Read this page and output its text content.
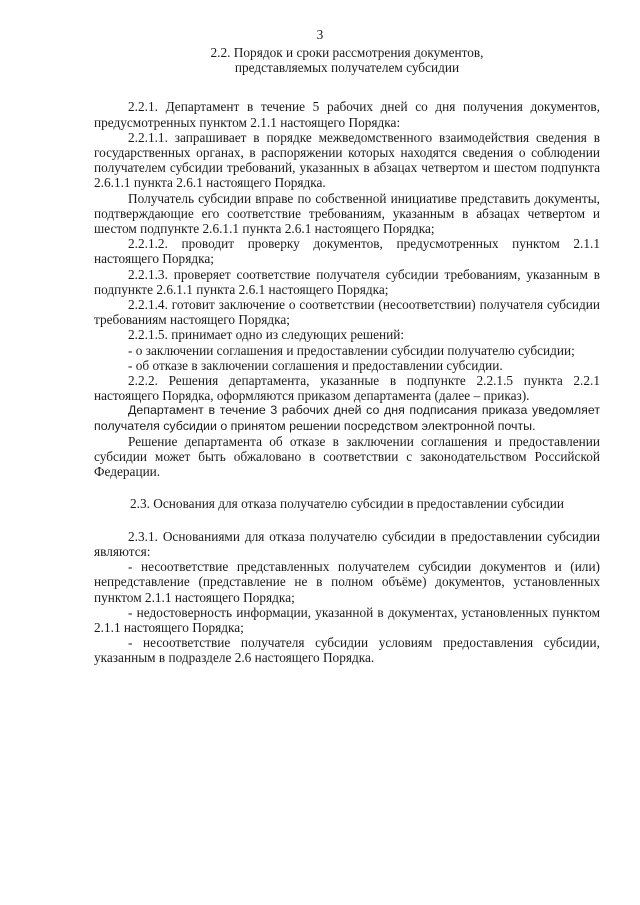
3
2.2. Порядок и сроки рассмотрения документов,
представляемых получателем субсидии

2.2.1. Департамент в течение 5 рабочих дней со дня получения документов, предусмотренных пунктом 2.1.1 настоящего Порядка:

2.2.1.1. запрашивает в порядке межведомственного взаимодействия сведения в государственных органах, в распоряжении которых находятся сведения о соблюдении получателем субсидии требований, указанных в абзацах четвертом и шестом подпункта 2.6.1.1 пункта 2.6.1 настоящего Порядка.

Получатель субсидии вправе по собственной инициативе представить документы, подтверждающие его соответствие требованиям, указанным в абзацах четвертом и шестом подпункте 2.6.1.1 пункта 2.6.1 настоящего Порядка;

2.2.1.2. проводит проверку документов, предусмотренных пунктом 2.1.1 настоящего Порядка;

2.2.1.3. проверяет соответствие получателя субсидии требованиям, указанным в подпункте 2.6.1.1 пункта 2.6.1 настоящего Порядка;

2.2.1.4. готовит заключение о соответствии (несоответствии) получателя субсидии требованиям настоящего Порядка;

2.2.1.5. принимает одно из следующих решений:

- о заключении соглашения и предоставлении субсидии получателю субсидии;

- об отказе в заключении соглашения и предоставлении субсидии.

2.2.2. Решения департамента, указанные в подпункте 2.2.1.5 пункта 2.2.1 настоящего Порядка, оформляются приказом департамента (далее – приказ).

Департамент в течение 3 рабочих дней со дня подписания приказа уведомляет получателя субсидии о принятом решении посредством электронной почты.

Решение департамента об отказе в заключении соглашения и предоставлении субсидии может быть обжаловано в соответствии с законодательством Российской Федерации.

2.3. Основания для отказа получателю субсидии в предоставлении субсидии

2.3.1. Основаниями для отказа получателю субсидии в предоставлении субсидии являются:

- несоответствие представленных получателем субсидии документов и (или) непредставление (представление не в полном объёме) документов, установленных пунктом 2.1.1 настоящего Порядка;

- недостоверность информации, указанной в документах, установленных пунктом 2.1.1 настоящего Порядка;

- несоответствие получателя субсидии условиям предоставления субсидии, указанным в подразделе 2.6 настоящего Порядка.
